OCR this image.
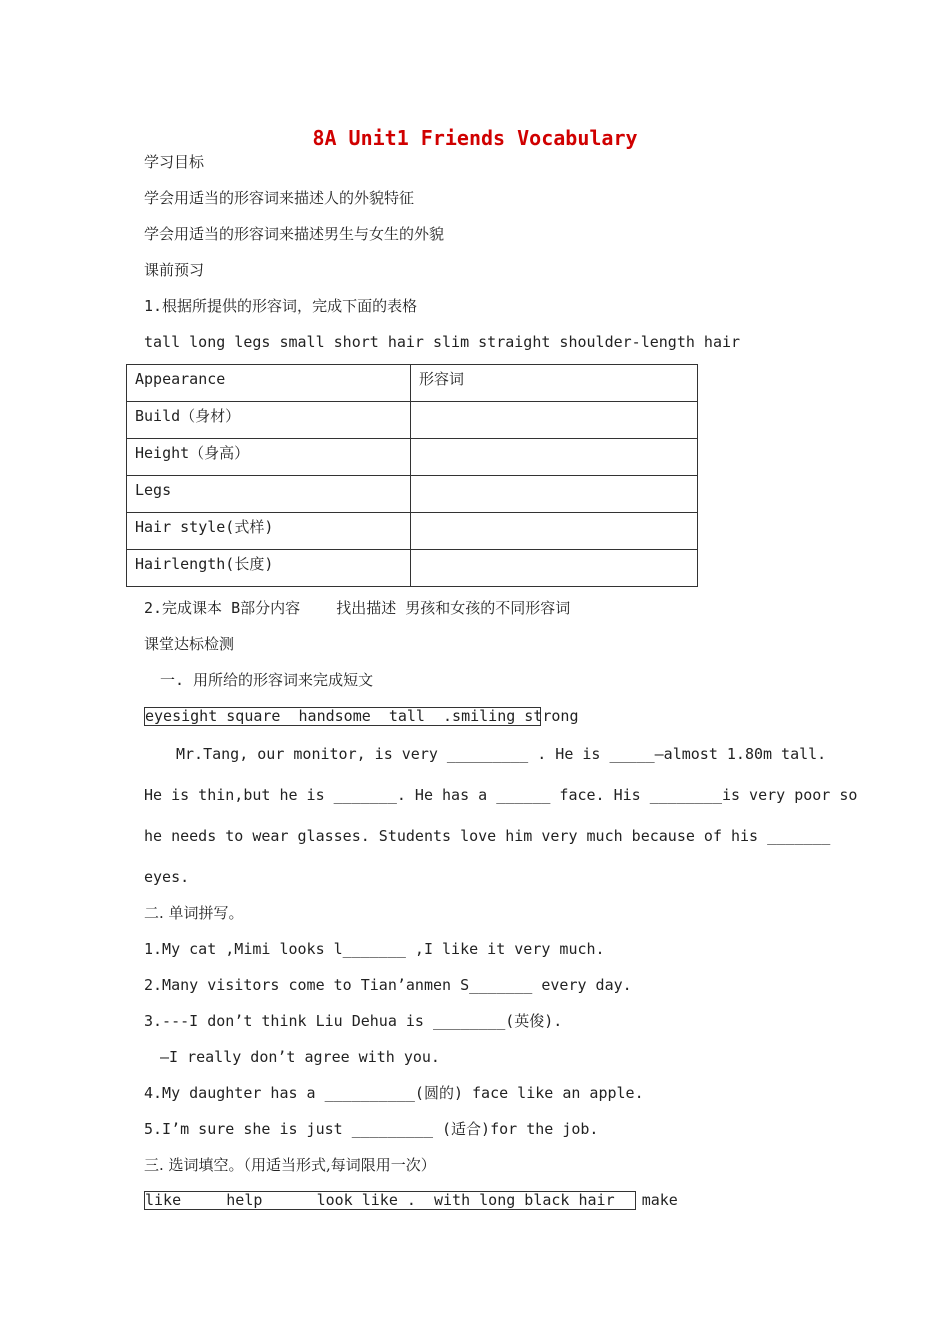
8A Unit1 Friends Vocabulary
学习目标
学会用适当的形容词来描述人的外貌特征
学会用适当的形容词来描述男生与女生的外貌
课前预习
1.根据所提供的形容词，完成下面的表格
tall long legs small short hair slim straight shoulder-length hair
Appearance	形容词
Build（身材）	
Height（身高）	
Legs	
Hair style(式样)	
Hairlength(长度)	
2.完成课本 B部分内容    找出描述 男孩和女孩的不同形容词
课堂达标检测
一. 用所给的形容词来完成短文
eyesight square  handsome  tall  .smiling strong
Mr.Tang, our monitor, is very _________ . He is _____—almost 1.80m tall.
He is thin,but he is _______. He has a ______ face. His ________is very poor so
he needs to wear glasses. Students love him very much because of his _______
eyes.
二. 单词拼写。
1.My cat ,Mimi looks l_______ ,I like it very much.
2.Many visitors come to Tian’anmen S_______ every day.
3.---I don’t think Liu Dehua is ________(英俊).
—I really don’t agree with you.
4.My daughter has a __________(圆的) face like an apple.
5.I’m sure she is just _________ (适合)for the job.
三. 选词填空。（用适当形式,每词限用一次）
like     help      look like .  with long black hair   make
